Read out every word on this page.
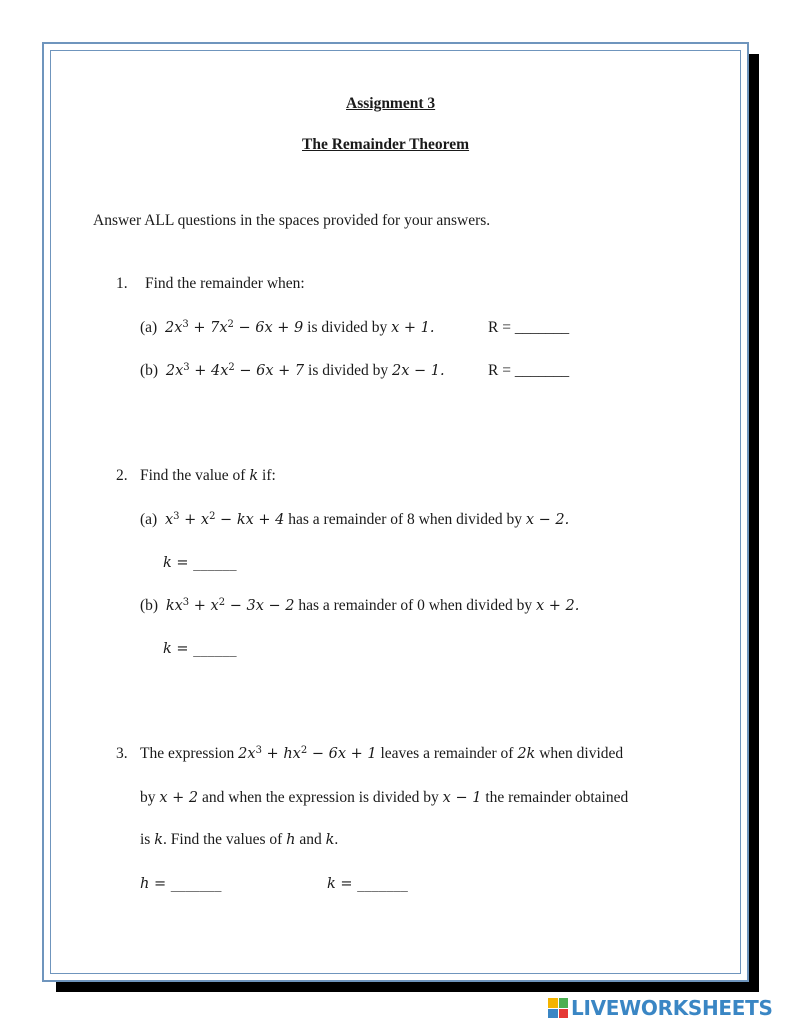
Assignment 3
The Remainder Theorem
Answer ALL questions in the spaces provided for your answers.
1. Find the remainder when:
(a) $2x^3 + 7x^2 - 6x + 9$ is divided by x + 1.	R = _______
(b) $2x^3 + 4x^2 - 6x + 7$ is divided by 2x − 1.	R = _______
2. Find the value of k if:
(a) $x^3 + x^2$ − kx + 4 has a remainder of 8 when divided by x − 2.
k = ______
(b) $kx^3 + x^2 - 3x - 2$ has a remainder of 0 when divided by x + 2.
k = ______
3. The expression $2x^3 + hx^2 - 6x + 1$ leaves a remainder of 2k when divided
by x + 2 and when the expression is divided by x − 1 the remainder obtained
is k. Find the values of h and k.
h = _______	k = _______
LIVEWORKSHEETS
